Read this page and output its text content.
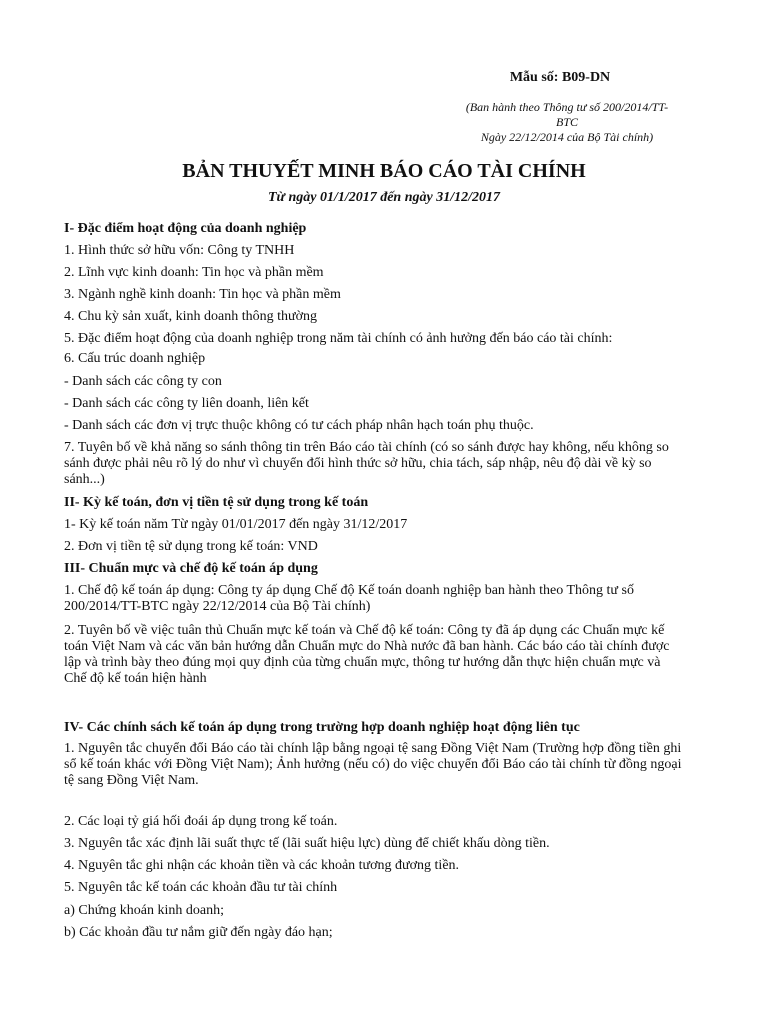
Mẫu số: B09-DN
(Ban hành theo Thông tư số 200/2014/TT-
BTC
Ngày 22/12/2014 của Bộ Tài chính)
BẢN THUYẾT MINH BÁO CÁO TÀI CHÍNH
Từ ngày 01/1/2017 đến ngày 31/12/2017
I- Đặc điểm hoạt động của doanh nghiệp
1. Hình thức sở hữu vốn: Công ty TNHH
2. Lĩnh vực kinh doanh: Tin học và phần mềm
3. Ngành nghề kinh doanh: Tin học và phần mềm
4. Chu kỳ sản xuất, kinh doanh thông thường
5. Đặc điểm hoạt động của doanh nghiệp trong năm tài chính có ảnh hưởng đến báo cáo tài chính:
6. Cấu trúc doanh nghiệp
- Danh sách các công ty con
- Danh sách các công ty liên doanh, liên kết
- Danh sách các đơn vị trực thuộc không có tư cách pháp nhân hạch toán phụ thuộc.
7. Tuyên bố về khả năng so sánh thông tin trên Báo cáo tài chính (có so sánh được hay không, nếu không so sánh được phải nêu rõ lý do như vì chuyển đổi hình thức sở hữu, chia tách, sáp nhập, nêu độ dài về kỳ so sánh...)
II- Kỳ kế toán, đơn vị tiền tệ sử dụng trong kế toán
1- Kỳ kế toán năm Từ ngày 01/01/2017 đến ngày 31/12/2017
2. Đơn vị tiền tệ sử dụng trong kế toán: VND
III- Chuẩn mực và chế độ kế toán áp dụng
1. Chế độ kế toán áp dụng: Công ty áp dụng Chế độ Kế toán doanh nghiệp ban hành theo Thông tư số 200/2014/TT-BTC ngày 22/12/2014 của Bộ Tài chính)
2. Tuyên bố về việc tuân thủ Chuẩn mực kế toán và Chế độ kế toán: Công ty đã áp dụng các Chuẩn mực kế toán Việt Nam và các văn bản hướng dẫn Chuẩn mực do Nhà nước đã ban hành. Các báo cáo tài chính được lập và trình bày theo đúng mọi quy định của từng chuẩn mực, thông tư hướng dẫn thực hiện chuẩn mực và Chế độ kế toán hiện hành
IV- Các chính sách kế toán áp dụng trong trường hợp doanh nghiệp hoạt động liên tục
1. Nguyên tắc chuyển đổi Báo cáo tài chính lập bằng ngoại tệ sang Đồng Việt Nam (Trường hợp đồng tiền ghi sổ kế toán khác với Đồng Việt Nam); Ảnh hưởng (nếu có) do việc chuyển đổi Báo cáo tài chính từ đồng ngoại tệ sang Đồng Việt Nam.
2. Các loại tỷ giá hối đoái áp dụng trong kế toán.
3. Nguyên tắc xác định lãi suất thực tế (lãi suất hiệu lực) dùng để chiết khấu dòng tiền.
4. Nguyên tắc ghi nhận các khoản tiền và các khoản tương đương tiền.
5. Nguyên tắc kế toán các khoản đầu tư tài chính
a) Chứng khoán kinh doanh;
b) Các khoản đầu tư nắm giữ đến ngày đáo hạn;
